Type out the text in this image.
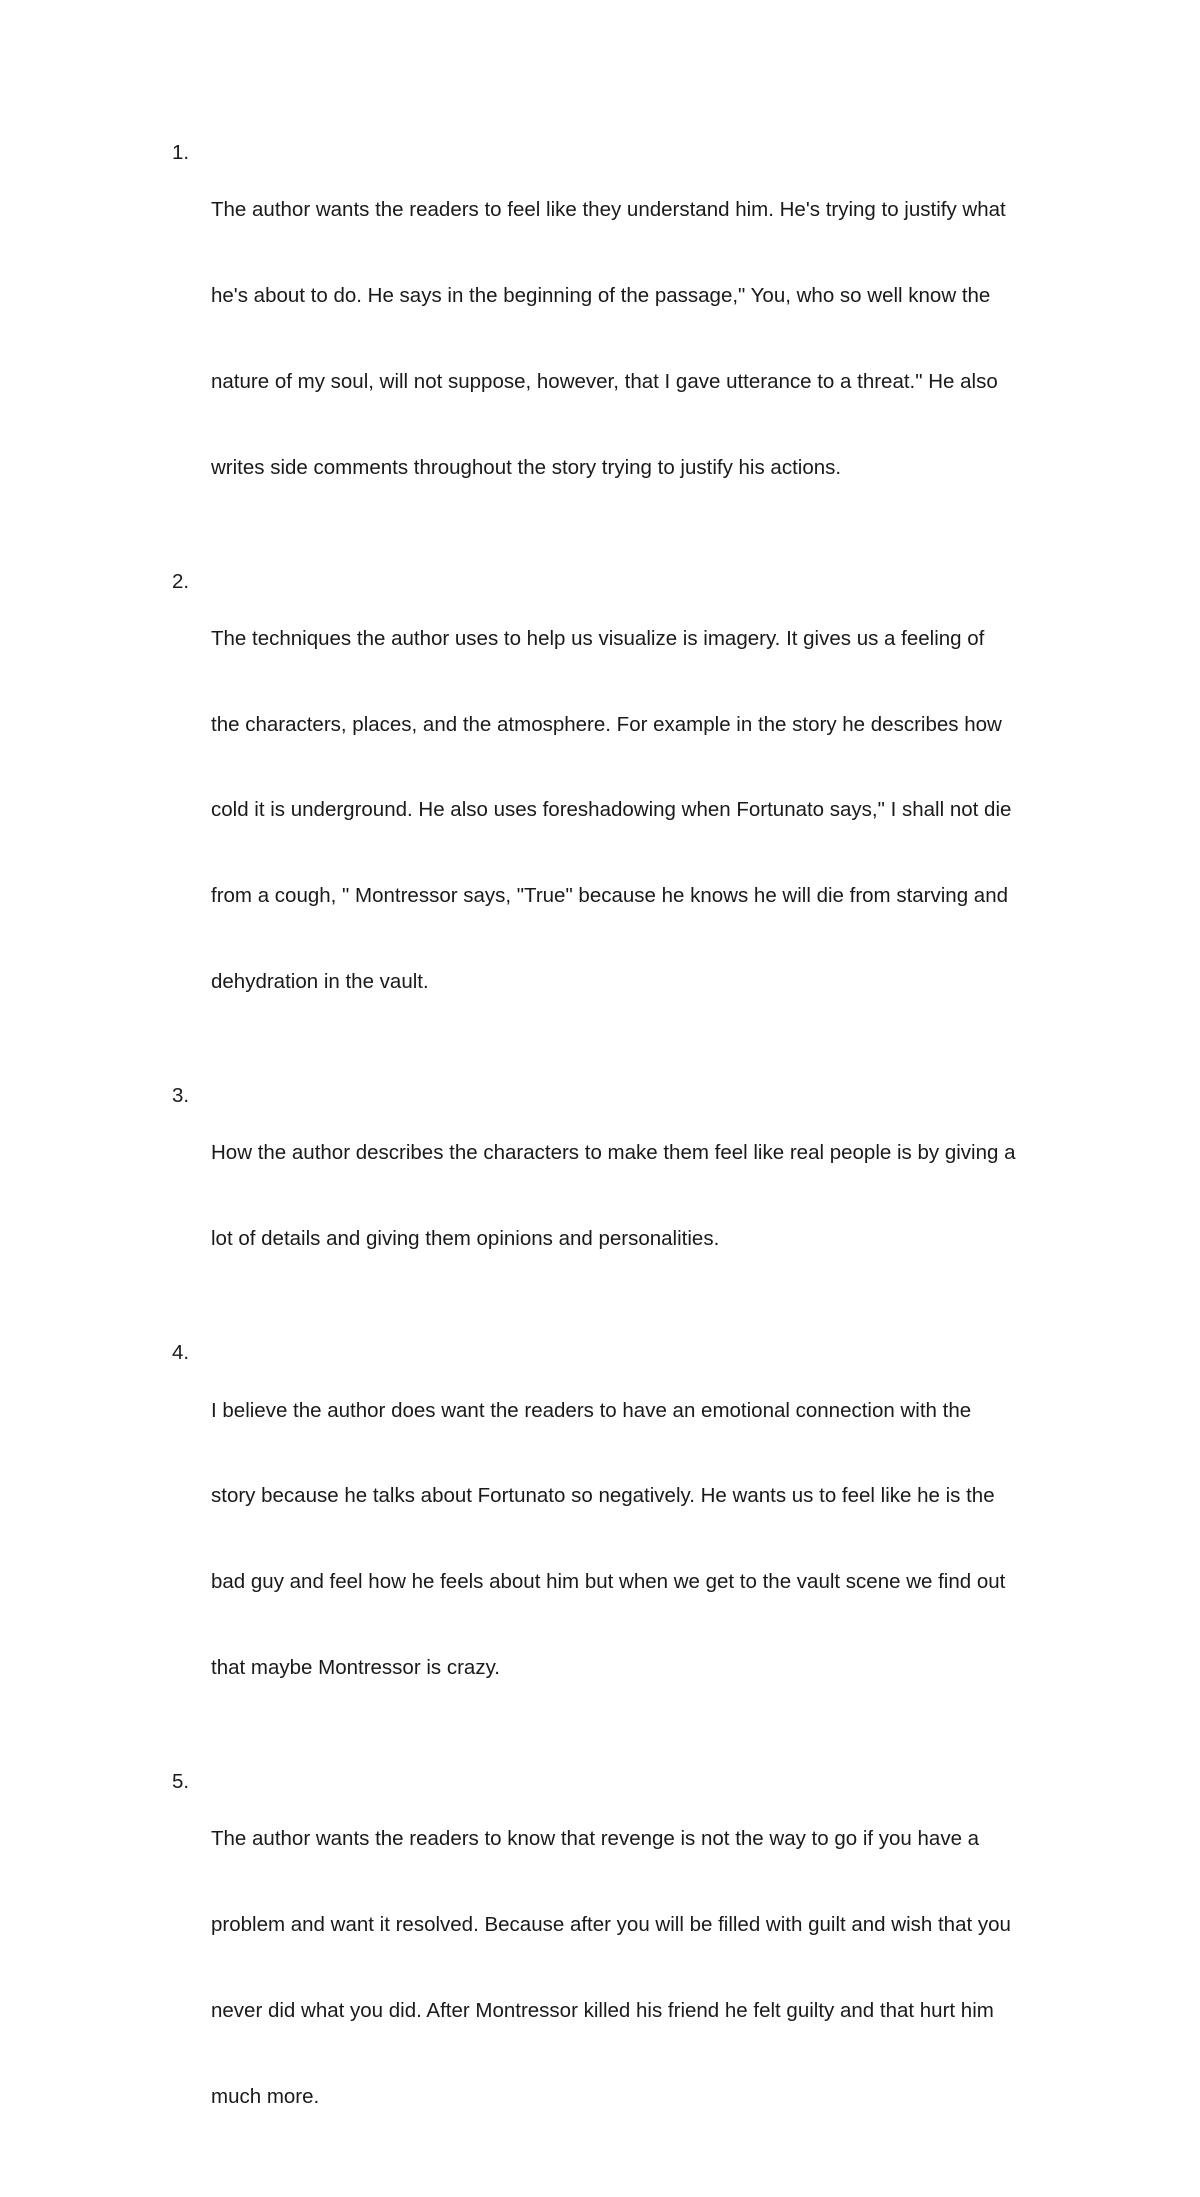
1.

The author wants the readers to feel like they understand him. He's trying to justify what

he's about to do. He says in the beginning of the passage," You, who so well know the

nature of my soul, will not suppose, however, that I gave utterance to a threat." He also

writes side comments throughout the story trying to justify his actions.

2.

The techniques the author uses to help us visualize is imagery. It gives us a feeling of

the characters, places, and the atmosphere. For example in the story he describes how

cold it is underground. He also uses foreshadowing when Fortunato says," I shall not die

from a cough, " Montressor says, "True" because he knows he will die from starving and

dehydration in the vault.

3.

How the author describes the characters to make them feel like real people is by giving a

lot of details and giving them opinions and personalities.

4.

I believe the author does want the readers to have an emotional connection with the

story because he talks about Fortunato so negatively. He wants us to feel like he is the

bad guy and feel how he feels about him but when we get to the vault scene we find out

that maybe Montressor is crazy.

5.

The author wants the readers to know that revenge is not the way to go if you have a

problem and want it resolved. Because after you will be filled with guilt and wish that you

never did what you did. After Montressor killed his friend he felt guilty and that hurt him

much more.
